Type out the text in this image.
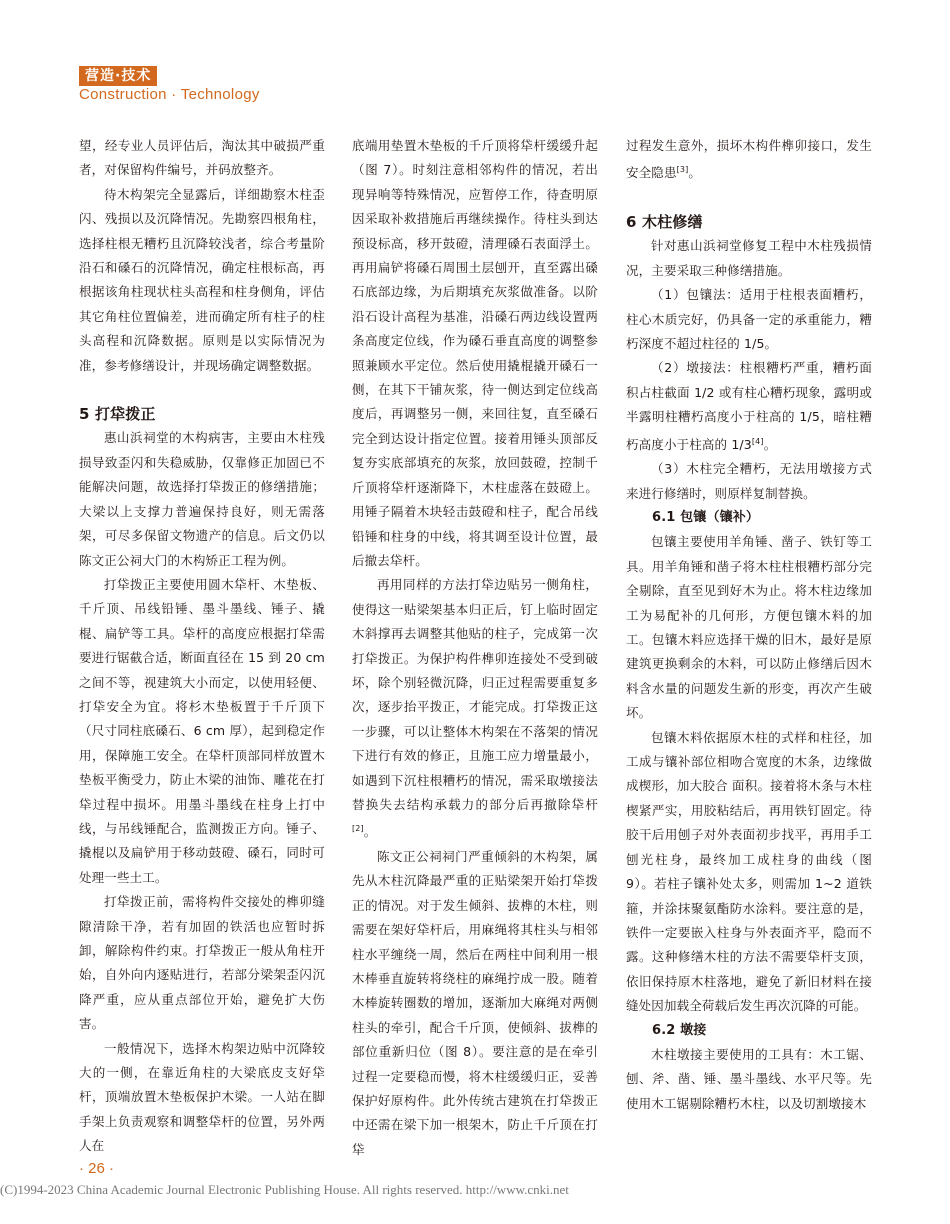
营造·技术
Construction · Technology

望，经专业人员评估后，淘汰其中破损严重者，对保留构件编号，并码放整齐。

待木构架完全显露后，详细勘察木柱歪闪、残损以及沉降情况。先勘察四根角柱，选择柱根无糟朽且沉降较浅者，综合考量阶沿石和磉石的沉降情况，确定柱根标高，再根据该角柱现状柱头高程和柱身侧角，评估其它角柱位置偏差，进而确定所有柱子的柱头高程和沉降数据。原则是以实际情况为准，参考修缮设计，并现场确定调整数据。

5 打牮拨正

惠山浜祠堂的木构病害，主要由木柱残损导致歪闪和失稳威胁，仅靠修正加固已不能解决问题，故选择打牮拨正的修缮措施；大梁以上支撑力普遍保持良好，则无需落架，可尽多保留文物遗产的信息。后文仍以陈文正公祠大门的木构矫正工程为例。

打牮拨正主要使用圆木牮杆、木垫板、千斤顶、吊线铅锤、墨斗墨线、锤子、撬棍、扁铲等工具。牮杆的高度应根据打牮需要进行锯截合适，断面直径在 15 到 20 cm 之间不等，视建筑大小而定，以使用轻便、打牮安全为宜。将杉木垫板置于千斤顶下（尺寸同柱底磉石、6 cm 厚），起到稳定作用，保障施工安全。在牮杆顶部同样放置木垫板平衡受力，防止木梁的油饰、雕花在打牮过程中损坏。用墨斗墨线在柱身上打中线，与吊线锤配合，监测拨正方向。锤子、撬棍以及扁铲用于移动鼓磴、磉石，同时可处理一些土工。

打牮拨正前，需将构件交接处的榫卯缝隙清除干净，若有加固的铁活也应暂时拆卸，解除构件约束。打牮拨正一般从角柱开始，自外向内逐贴进行，若部分梁架歪闪沉降严重，应从重点部位开始，避免扩大伤害。

一般情况下，选择木构架边贴中沉降较大的一侧，在靠近角柱的大梁底皮支好牮杆，顶端放置木垫板保护木梁。一人站在脚手架上负责观察和调整牮杆的位置，另外两人在

底端用垫置木垫板的千斤顶将牮杆缓缓升起（图 7）。时刻注意相邻构件的情况，若出现异响等特殊情况，应暂停工作，待查明原因采取补救措施后再继续操作。待柱头到达预设标高，移开鼓磴，清理磉石表面浮土。再用扁铲将磉石周围土层刨开，直至露出磉石底部边缘，为后期填充灰浆做准备。以阶沿石设计高程为基准，沿磉石两边线设置两条高度定位线，作为磉石垂直高度的调整参照兼顾水平定位。然后使用撬棍撬开磉石一侧，在其下干铺灰浆，待一侧达到定位线高度后，再调整另一侧，来回往复，直至磉石完全到达设计指定位置。接着用锤头顶部反复夯实底部填充的灰浆，放回鼓磴，控制千斤顶将牮杆逐渐降下，木柱虚落在鼓磴上。用锤子隔着木块轻击鼓磴和柱子，配合吊线铅锤和柱身的中线，将其调至设计位置，最后撤去牮杆。

再用同样的方法打牮边贴另一侧角柱，使得这一贴梁架基本归正后，钉上临时固定木斜撑再去调整其他贴的柱子，完成第一次打牮拨正。为保护构件榫卯连接处不受到破坏，除个别轻微沉降，归正过程需要重复多次，逐步抬平拨正，才能完成。打牮拨正这一步骤，可以让整体木构架在不落架的情况下进行有效的修正，且施工应力增量最小，如遇到下沉柱根糟朽的情况，需采取墩接法替换失去结构承载力的部分后再撤除牮杆[2]。

陈文正公祠祠门严重倾斜的木构架，属先从木柱沉降最严重的正贴梁架开始打牮拨正的情况。对于发生倾斜、拔榫的木柱，则需要在架好牮杆后，用麻绳将其柱头与相邻柱水平缠绕一周，然后在两柱中间利用一根木棒垂直旋转将绕柱的麻绳拧成一股。随着木棒旋转圈数的增加，逐渐加大麻绳对两侧柱头的牵引，配合千斤顶，使倾斜、拔榫的部位重新归位（图 8）。要注意的是在牵引过程一定要稳而慢，将木柱缓缓归正，妥善保护好原构件。此外传统古建筑在打牮拨正中还需在梁下加一根架木，防止千斤顶在打牮

过程发生意外，损坏木构件榫卯接口，发生安全隐患[3]。

6 木柱修缮

针对惠山浜祠堂修复工程中木柱残损情况，主要采取三种修缮措施。

（1）包镶法：适用于柱根表面糟朽，柱心木质完好，仍具备一定的承重能力，糟朽深度不超过柱径的 1/5。

（2）墩接法：柱根糟朽严重，糟朽面积占柱截面 1/2 或有柱心糟朽现象，露明或半露明柱糟朽高度小于柱高的 1/5，暗柱糟朽高度小于柱高的 1/3[4]。

（3）木柱完全糟朽，无法用墩接方式来进行修缮时，则原样复制替换。

6.1 包镶（镶补）

包镶主要使用羊角锤、凿子、铁钉等工具。用羊角锤和凿子将木柱柱根糟朽部分完全剔除，直至见到好木为止。将木柱边缘加工为易配补的几何形，方便包镶木料的加工。包镶木料应选择干燥的旧木，最好是原建筑更换剩余的木料，可以防止修缮后因木料含水量的问题发生新的形变，再次产生破坏。

包镶木料依据原木柱的式样和柱径，加工成与镶补部位相吻合宽度的木条，边缘做成楔形，加大胶合 面积。接着将木条与木柱楔紧严实，用胶粘结后，再用铁钉固定。待胶干后用刨子对外表面初步找平，再用手工刨光柱身，最终加工成柱身的曲线（图 9）。若柱子镶补处太多，则需加 1~2 道铁箍，并涂抹聚氨酯防水涂料。要注意的是，铁件一定要嵌入柱身与外表面齐平，隐而不露。这种修缮木柱的方法不需要牮杆支顶，依旧保持原木柱落地，避免了新旧材料在接缝处因加载全荷载后发生再次沉降的可能。

6.2 墩接

木柱墩接主要使用的工具有：木工锯、刨、斧、凿、锤、墨斗墨线、水平尺等。先使用木工锯剔除糟朽木柱，以及切割墩接木

· 26 ·
(C)1994-2023 China Academic Journal Electronic Publishing House. All rights reserved. http://www.cnki.net
